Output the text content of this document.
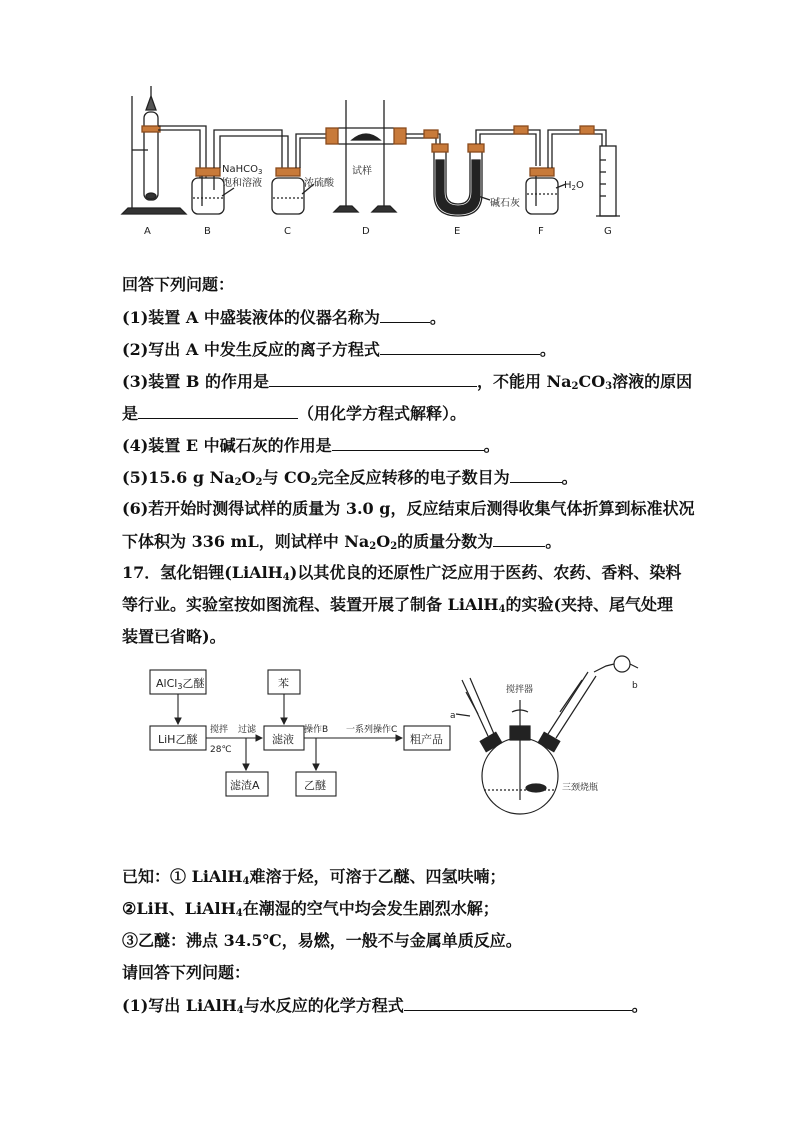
NaHCO$_3$
饱和溶液	浓硫酸
试样
碱石灰
$H_2O$
A	B	C	D	E	F	G
回答下列问题：
(1)装置 A 中盛装液体的仪器名称为	。
(2)写出 A 中发生反应的离子方程式	。
(3)装置 B 的作用是	，不能用 $Na_2CO_3$溶液的原因
是	（用化学方程式解释）。
(4)装置 E 中碱石灰的作用是	。
(5)15.6 g $Na_2O_2$与 $CO_2$完全反应转移的电子数目为	。
(6)若开始时测得试样的质量为 3.0 g，反应结束后测得收集气体折算到标准状况
下体积为 336 mL，则试样中 $Na_2O_2$的质量分数为	。
17．氢化铝锂(LiAlH$_4$)以其优良的还原性广泛应用于医药、农药、香料、染料
等行业。实验室按如图流程、装置开展了制备 LiAlH$_4$的实验(夹持、尾气处理
装置已省略)。
AlCl3乙醚	苯
LiH乙醚
搅拌
28℃
过滤
滤液
操作B 一系列操作C
粗产品
滤渣A	乙醚
搅拌器
a
b
三颈烧瓶
已知：① LiAlH$_4$难溶于烃，可溶于乙醚、四氢呋喃；
②LiH、LiAlH$_4$在潮湿的空气中均会发生剧烈水解；
③乙醚：沸点 34.5℃，易燃，一般不与金属单质反应。
请回答下列问题：
(1)写出 LiAlH$_4$与水反应的化学方程式	。
